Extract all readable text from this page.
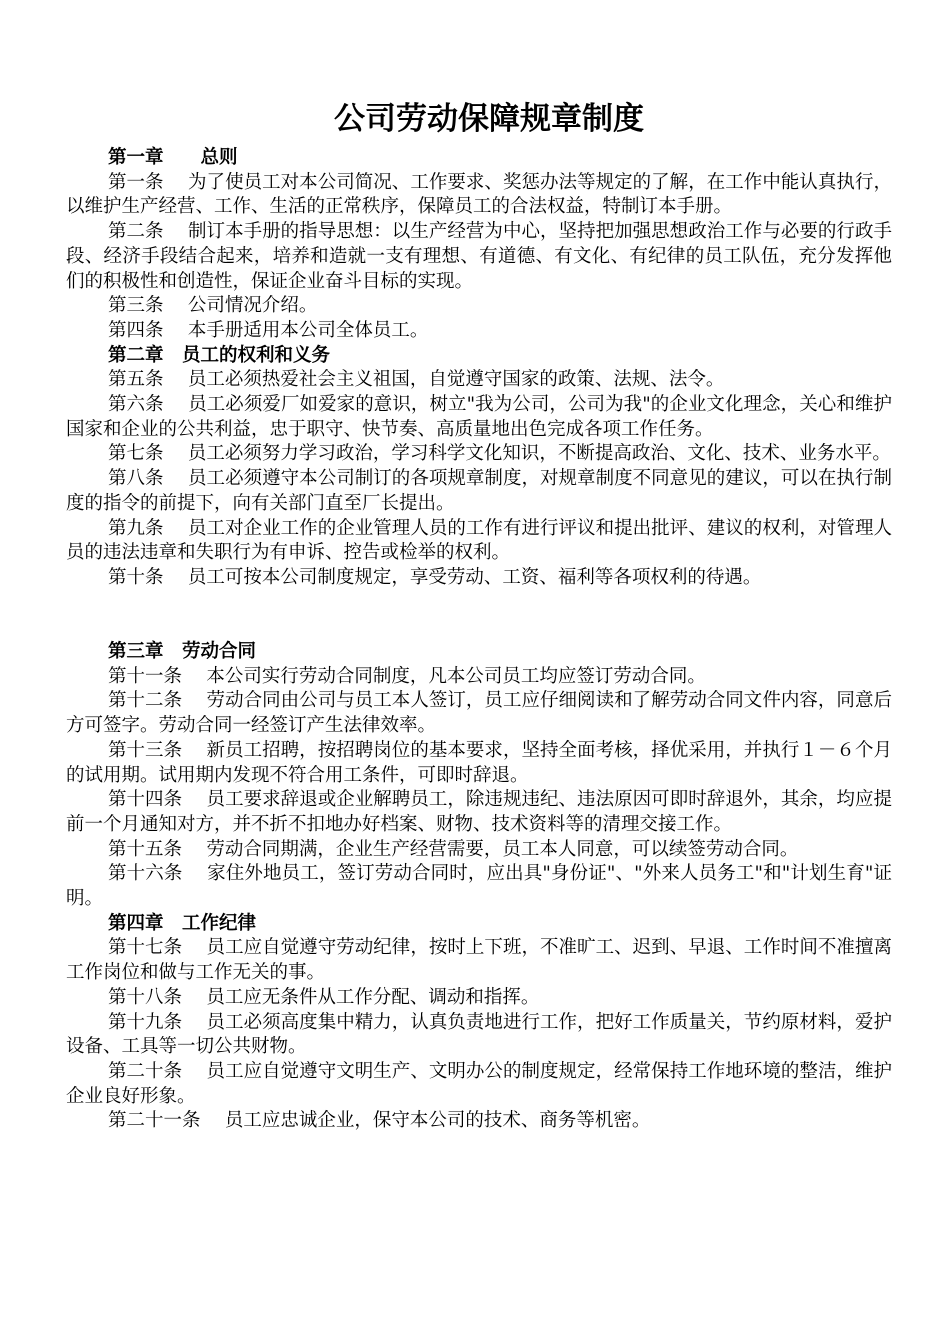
公司劳动保障规章制度

第一章　　总则

第一条　 为了使员工对本公司简况、工作要求、奖惩办法等规定的了解，在工作中能认真执行，以维护生产经营、工作、生活的正常秩序，保障员工的合法权益，特制订本手册。

第二条　 制订本手册的指导思想：以生产经营为中心，坚持把加强思想政治工作与必要的行政手段、经济手段结合起来，培养和造就一支有理想、有道德、有文化、有纪律的员工队伍，充分发挥他们的积极性和创造性，保证企业奋斗目标的实现。

第三条　 公司情况介绍。

第四条　 本手册适用本公司全体员工。

第二章　员工的权利和义务

第五条　 员工必须热爱社会主义祖国，自觉遵守国家的政策、法规、法令。

第六条　 员工必须爱厂如爱家的意识，树立"我为公司，公司为我"的企业文化理念，关心和维护国家和企业的公共利益，忠于职守、快节奏、高质量地出色完成各项工作任务。

第七条　 员工必须努力学习政治，学习科学文化知识，不断提高政治、文化、技术、业务水平。

第八条　 员工必须遵守本公司制订的各项规章制度，对规章制度不同意见的建议，可以在执行制度的指令的前提下，向有关部门直至厂长提出。

第九条　 员工对企业工作的企业管理人员的工作有进行评议和提出批评、建议的权利，对管理人员的违法违章和失职行为有申诉、控告或检举的权利。

第十条　 员工可按本公司制度规定，享受劳动、工资、福利等各项权利的待遇。

第三章　劳动合同

第十一条　 本公司实行劳动合同制度，凡本公司员工均应签订劳动合同。

第十二条　 劳动合同由公司与员工本人签订，员工应仔细阅读和了解劳动合同文件内容，同意后方可签字。劳动合同一经签订产生法律效率。

第十三条　 新员工招聘，按招聘岗位的基本要求，坚持全面考核，择优采用，并执行１－６个月的试用期。试用期内发现不符合用工条件，可即时辞退。

第十四条　 员工要求辞退或企业解聘员工，除违规违纪、违法原因可即时辞退外，其余，均应提前一个月通知对方，并不折不扣地办好档案、财物、技术资料等的清理交接工作。

第十五条　 劳动合同期满，企业生产经营需要，员工本人同意，可以续签劳动合同。

第十六条　 家住外地员工，签订劳动合同时，应出具"身份证"、"外来人员务工"和"计划生育"证明。

第四章　工作纪律

第十七条　 员工应自觉遵守劳动纪律，按时上下班，不准旷工、迟到、早退、工作时间不准擅离工作岗位和做与工作无关的事。

第十八条　 员工应无条件从工作分配、调动和指挥。

第十九条　 员工必须高度集中精力，认真负责地进行工作，把好工作质量关，节约原材料，爱护设备、工具等一切公共财物。

第二十条　 员工应自觉遵守文明生产、文明办公的制度规定，经常保持工作地环境的整洁，维护企业良好形象。

第二十一条　 员工应忠诚企业，保守本公司的技术、商务等机密。
